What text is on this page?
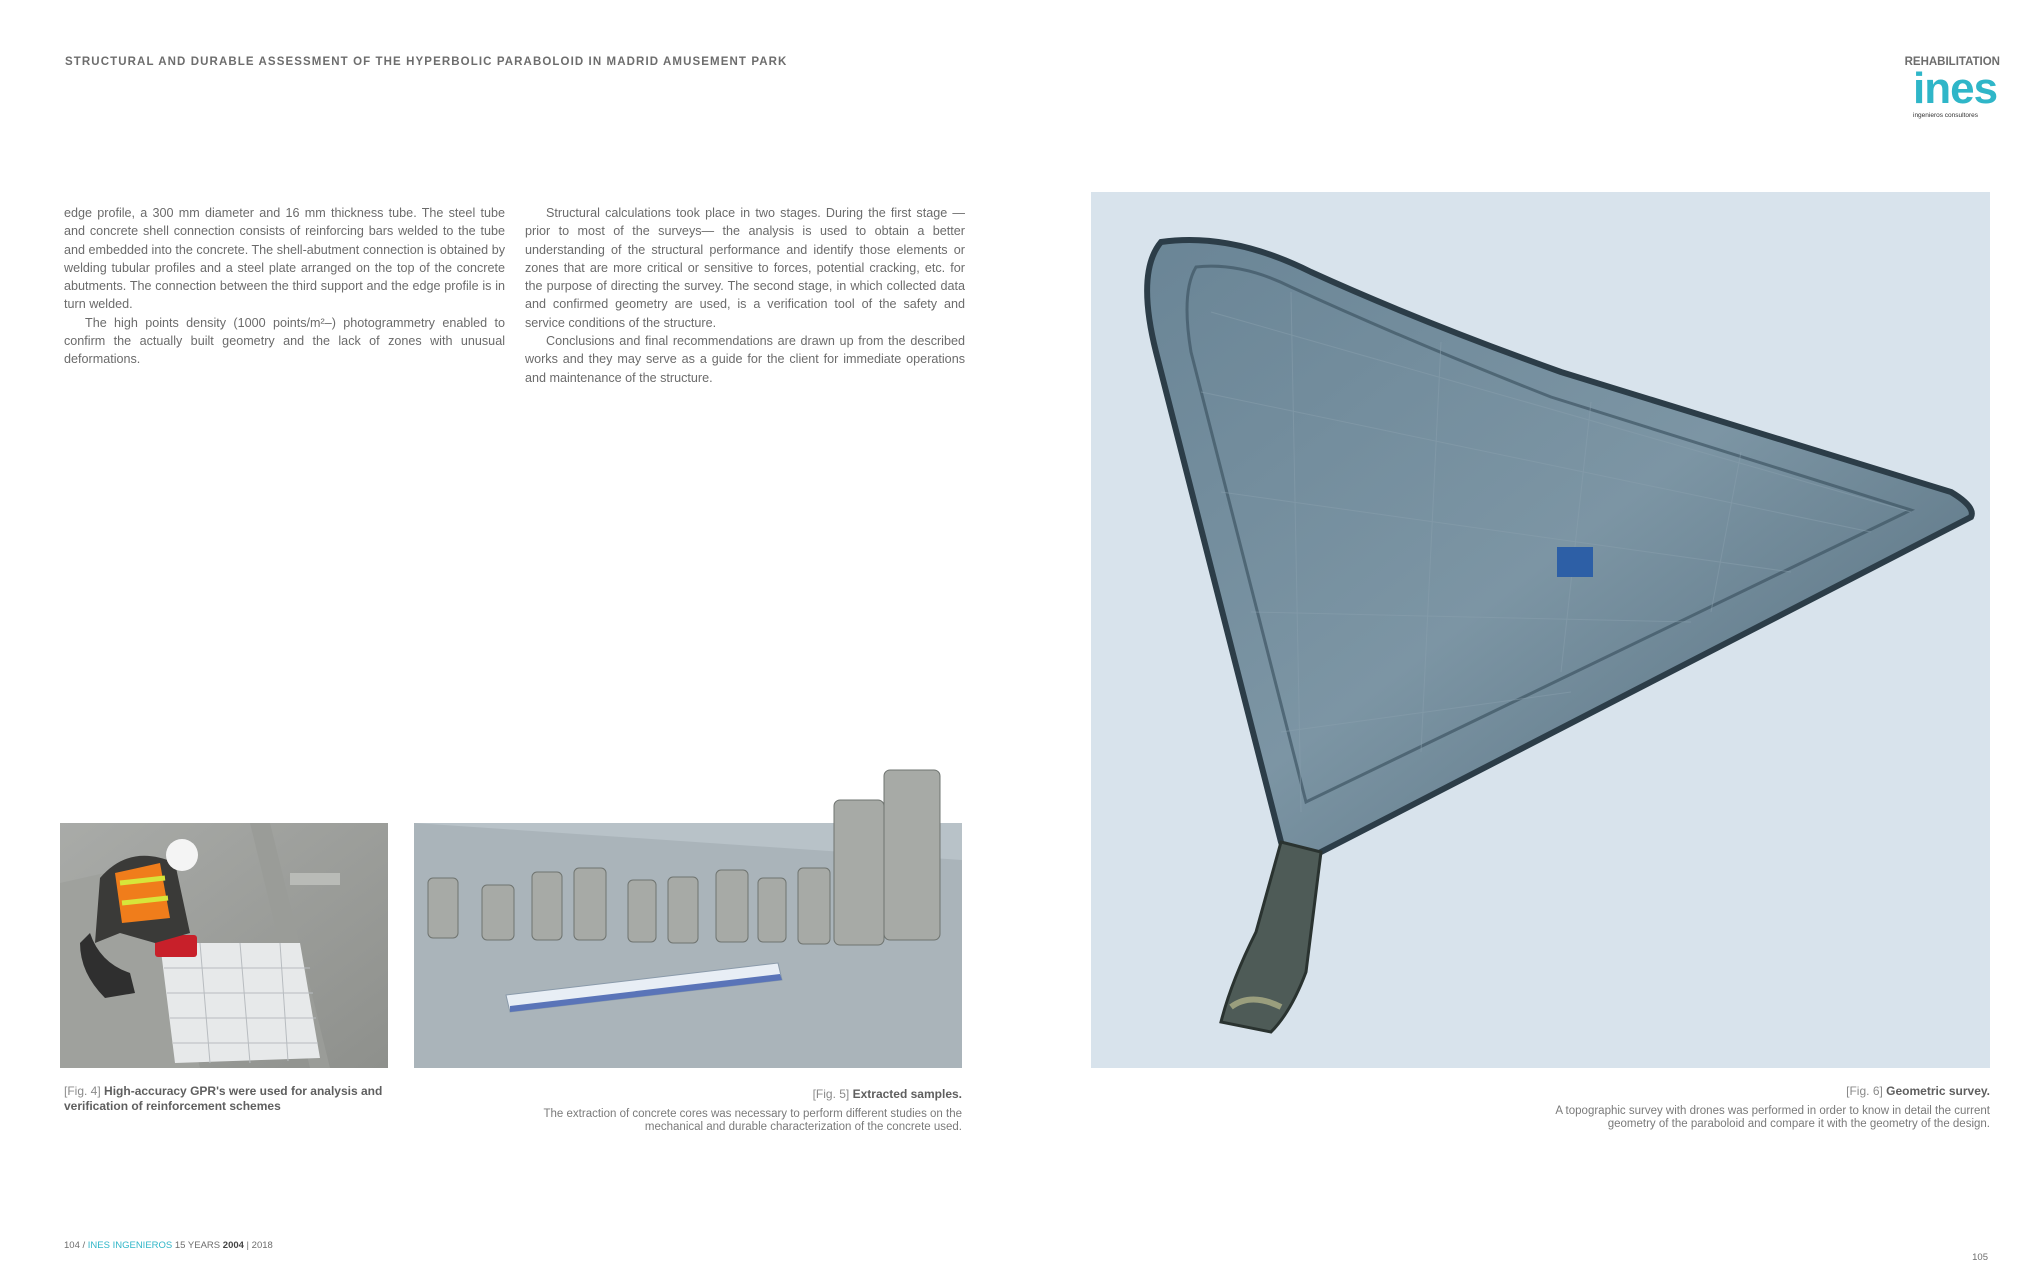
STRUCTURAL AND DURABLE ASSESSMENT OF THE HYPERBOLIC PARABOLOID IN MADRID AMUSEMENT PARK	REHABILITATION
ines
ingenieros consultores

edge profile, a 300 mm diameter and 16 mm thickness tube. The steel tube and concrete shell connection consists of reinforcing bars welded to the tube and embedded into the concrete. The shell-abutment connection is obtained by welding tubular profiles and a steel plate arranged on the top of the concrete abutments. The connection between the third support and the edge profile is in turn welded.

The high points density (1000 points/m²–) photogrammetry enabled to confirm the actually built geometry and the lack of zones with unusual deformations.

Structural calculations took place in two stages. During the first stage —prior to most of the surveys— the analysis is used to obtain a better understanding of the structural performance and identify those elements or zones that are more critical or sensitive to forces, potential cracking, etc. for the purpose of directing the survey. The second stage, in which collected data and confirmed geometry are used, is a verification tool of the safety and service conditions of the structure.

Conclusions and final recommendations are drawn up from the described works and they may serve as a guide for the client for immediate operations and maintenance of the structure.

[Fig. 4] High-accuracy GPR's were used for analysis and verification of reinforcement schemes
[Fig. 5] Extracted samples.
The extraction of concrete cores was necessary to perform different studies on the mechanical and durable characterization of the concrete used.
[Fig. 6] Geometric survey.
A topographic survey with drones was performed in order to know in detail the current geometry of the paraboloid and compare it with the geometry of the design.
104 / INES INGENIEROS 15 YEARS 2004 | 2018
105
